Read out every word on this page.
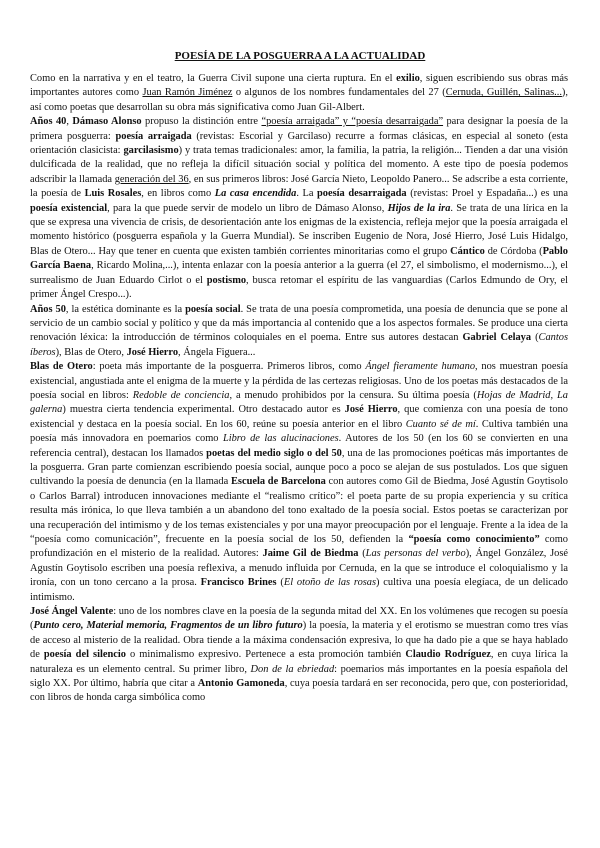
POESÍA DE LA POSGUERRA A LA ACTUALIDAD

Como en la narrativa y en el teatro, la Guerra Civil supone una cierta ruptura. En el exilio, siguen escribiendo sus obras más importantes autores como Juan Ramón Jiménez o algunos de los nombres fundamentales del 27 (Cernuda, Guillén, Salinas...), así como poetas que desarrollan su obra más significativa como Juan Gil-Albert.

Años 40, Dámaso Alonso propuso la distinción entre “poesía arraigada” y “poesía desarraigada” para designar la poesía de la primera posguerra: poesía arraigada (revistas: Escorial y Garcilaso) recurre a formas clásicas, en especial al soneto (esta orientación clasicista: garcilasismo) y trata temas tradicionales: amor, la familia, la patria, la religión... Tienden a dar una visión dulcificada de la realidad, que no refleja la difícil situación social y política del momento. A este tipo de poesía podemos adscribir la llamada generación del 36, en sus primeros libros: José García Nieto, Leopoldo Panero... Se adscribe a esta corriente, la poesía de Luis Rosales, en libros como La casa encendida. La poesía desarraigada (revistas: Proel y Espadaña...) es una poesía existencial, para la que puede servir de modelo un libro de Dámaso Alonso, Hijos de la ira. Se trata de una lírica en la que se expresa una vivencia de crisis, de desorientación ante los enigmas de la existencia, refleja mejor que la poesía arraigada el momento histórico (posguerra española y la Guerra Mundial). Se inscriben Eugenio de Nora, José Hierro, José Luis Hidalgo, Blas de Otero... Hay que tener en cuenta que existen también corrientes minoritarias como el grupo Cántico de Córdoba (Pablo García Baena, Ricardo Molina,...), intenta enlazar con la poesía anterior a la guerra (el 27, el simbolismo, el modernismo...), el surrealismo de Juan Eduardo Cirlot o el postismo, busca retomar el espíritu de las vanguardias (Carlos Edmundo de Ory, el primer Ángel Crespo...).

Años 50, la estética dominante es la poesía social. Se trata de una poesía comprometida, una poesía de denuncia que se pone al servicio de un cambio social y político y que da más importancia al contenido que a los aspectos formales. Se produce una cierta renovación léxica: la introducción de términos coloquiales en el poema. Entre sus autores destacan Gabriel Celaya (Cantos íberos), Blas de Otero, José Hierro, Ángela Figuera...

Blas de Otero: poeta más importante de la posguerra. Primeros libros, como Ángel fieramente humano, nos muestran poesía existencial, angustiada ante el enigma de la muerte y la pérdida de las certezas religiosas. Uno de los poetas más destacados de la poesía social en libros: Redoble de conciencia, a menudo prohibidos por la censura. Su última poesía (Hojas de Madrid, La galerna) muestra cierta tendencia experimental. Otro destacado autor es José Hierro, que comienza con una poesía de tono existencial y destaca en la poesía social. En los 60, reúne su poesía anterior en el libro Cuanto sé de mí. Cultiva también una poesía más innovadora en poemarios como Libro de las alucinaciones. Autores de los 50 (en los 60 se convierten en una referencia central), destacan los llamados poetas del medio siglo o del 50, una de las promociones poéticas más importantes de la posguerra. Gran parte comienzan escribiendo poesía social, aunque poco a poco se alejan de sus postulados. Los que siguen cultivando la poesía de denuncia (en la llamada Escuela de Barcelona con autores como Gil de Biedma, José Agustín Goytisolo o Carlos Barral) introducen innovaciones mediante el “realismo crítico”: el poeta parte de su propia experiencia y su crítica resulta más irónica, lo que lleva también a un abandono del tono exaltado de la poesía social. Estos poetas se caracterizan por una recuperación del intimismo y de los temas existenciales y por una mayor preocupación por el lenguaje. Frente a la idea de la “poesía como comunicación”, frecuente en la poesía social de los 50, defienden la “poesía como conocimiento” como profundización en el misterio de la realidad. Autores: Jaime Gil de Biedma (Las personas del verbo), Ángel González, José Agustín Goytisolo escriben una poesía reflexiva, a menudo influida por Cernuda, en la que se introduce el coloquialismo y la ironía, con un tono cercano a la prosa. Francisco Brines (El otoño de las rosas) cultiva una poesía elegíaca, de un delicado intimismo.

José Ángel Valente: uno de los nombres clave en la poesía de la segunda mitad del XX. En los volúmenes que recogen su poesía (Punto cero, Material memoria, Fragmentos de un libro futuro) la poesía, la materia y el erotismo se muestran como tres vías de acceso al misterio de la realidad. Obra tiende a la máxima condensación expresiva, lo que ha dado pie a que se haya hablado de poesía del silencio o minimalismo expresivo. Pertenece a esta promoción también Claudio Rodríguez, en cuya lírica la naturaleza es un elemento central. Su primer libro, Don de la ebriedad: poemarios más importantes en la poesía española del siglo XX. Por último, habría que citar a Antonio Gamoneda, cuya poesía tardará en ser reconocida, pero que, con posterioridad, con libros de honda carga simbólica como
